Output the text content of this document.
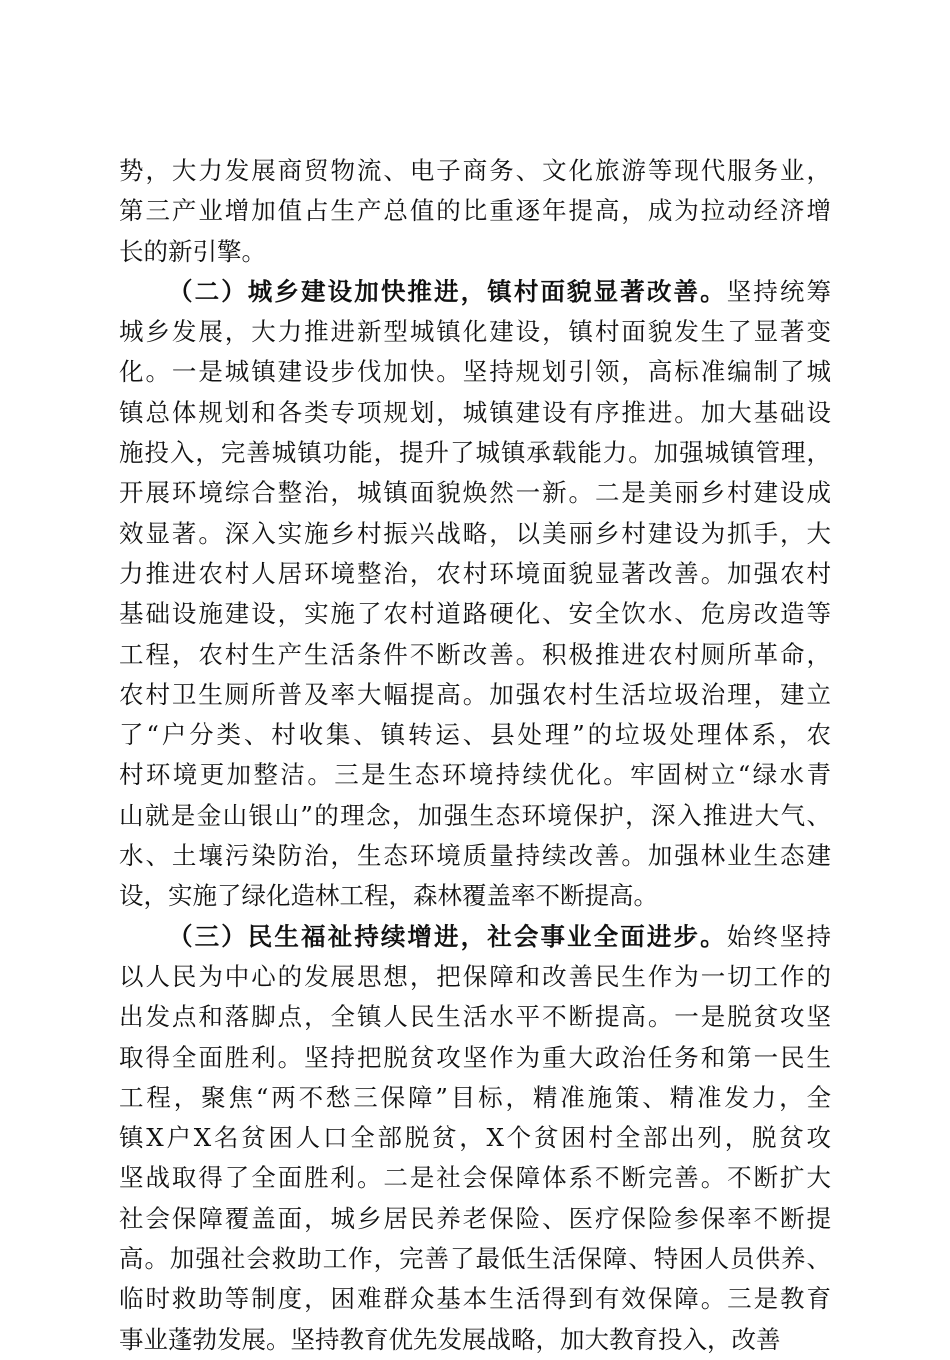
势，大力发展商贸物流、电子商务、文化旅游等现代服务业，
第三产业增加值占生产总值的比重逐年提高，成为拉动经济增
长的新引擎。
（二）城乡建设加快推进，镇村面貌显著改善。坚持统筹
城乡发展，大力推进新型城镇化建设，镇村面貌发生了显著变
化。一是城镇建设步伐加快。坚持规划引领，高标准编制了城
镇总体规划和各类专项规划，城镇建设有序推进。加大基础设
施投入，完善城镇功能，提升了城镇承载能力。加强城镇管理，
开展环境综合整治，城镇面貌焕然一新。二是美丽乡村建设成
效显著。深入实施乡村振兴战略，以美丽乡村建设为抓手，大
力推进农村人居环境整治，农村环境面貌显著改善。加强农村
基础设施建设，实施了农村道路硬化、安全饮水、危房改造等
工程，农村生产生活条件不断改善。积极推进农村厕所革命，
农村卫生厕所普及率大幅提高。加强农村生活垃圾治理，建立
了“户分类、村收集、镇转运、县处理”的垃圾处理体系，农
村环境更加整洁。三是生态环境持续优化。牢固树立“绿水青
山就是金山银山”的理念，加强生态环境保护，深入推进大气、
水、土壤污染防治，生态环境质量持续改善。加强林业生态建
设，实施了绿化造林工程，森林覆盖率不断提高。
（三）民生福祉持续增进，社会事业全面进步。始终坚持
以人民为中心的发展思想，把保障和改善民生作为一切工作的
出发点和落脚点，全镇人民生活水平不断提高。一是脱贫攻坚
取得全面胜利。坚持把脱贫攻坚作为重大政治任务和第一民生
工程，聚焦“两不愁三保障”目标，精准施策、精准发力，全
镇X户X名贫困人口全部脱贫，X个贫困村全部出列，脱贫攻
坚战取得了全面胜利。二是社会保障体系不断完善。不断扩大
社会保障覆盖面，城乡居民养老保险、医疗保险参保率不断提
高。加强社会救助工作，完善了最低生活保障、特困人员供养、
临时救助等制度，困难群众基本生活得到有效保障。三是教育
事业蓬勃发展。坚持教育优先发展战略，加大教育投入，改善
